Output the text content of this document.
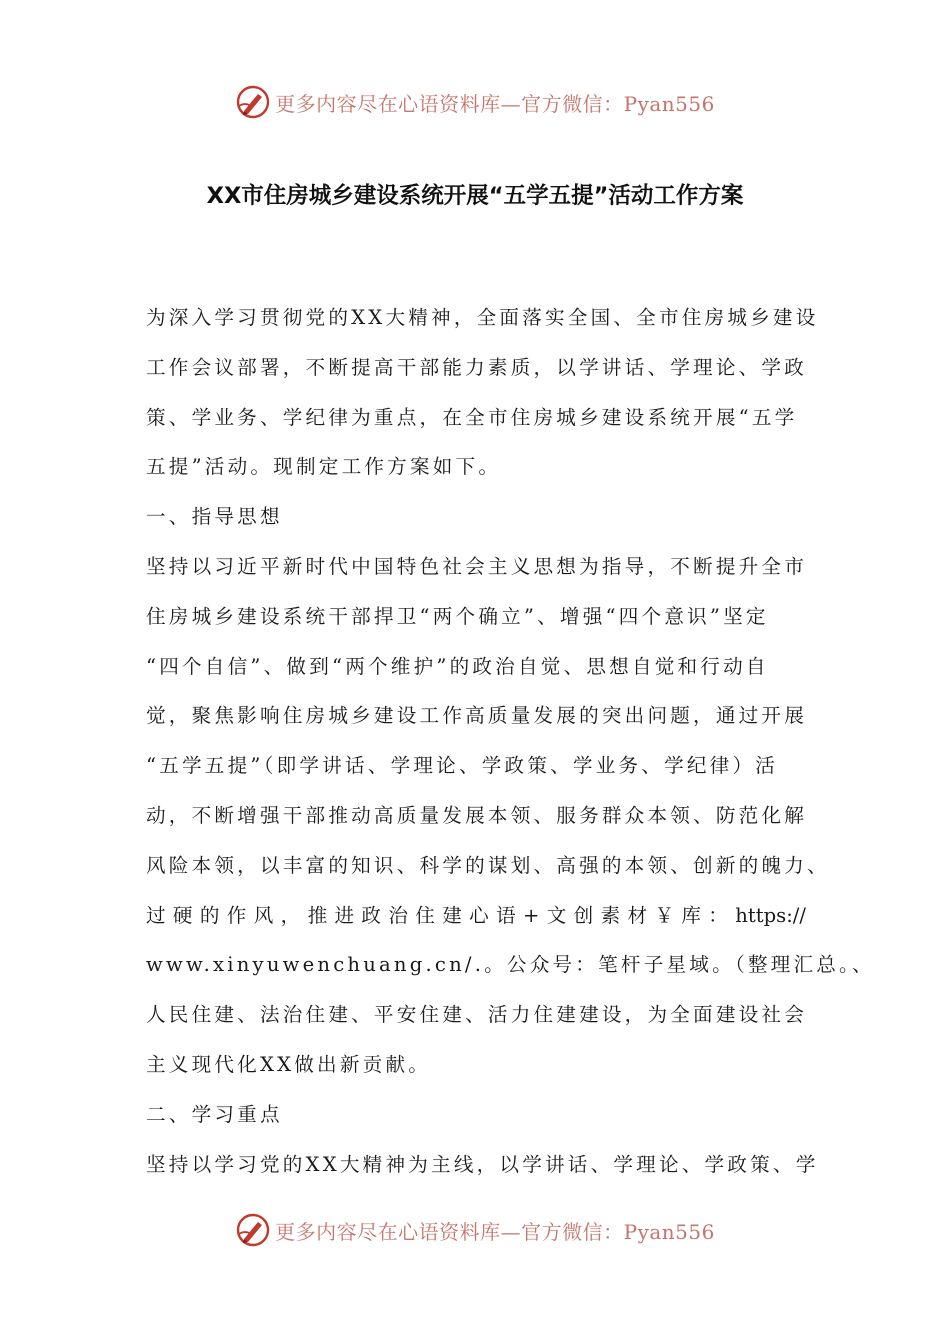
更多内容尽在心语资料库—官方微信：Pyan556
XX市住房城乡建设系统开展“五学五提”活动工作方案
为深入学习贯彻党的XX大精神，全面落实全国、全市住房城乡建设
工作会议部署，不断提高干部能力素质，以学讲话、学理论、学政
策、学业务、学纪律为重点，在全市住房城乡建设系统开展“五学
五提”活动。现制定工作方案如下。
一、指导思想
坚持以习近平新时代中国特色社会主义思想为指导，不断提升全市
住房城乡建设系统干部捍卫“两个确立”、增强“四个意识”坚定
“四个自信”、做到“两个维护”的政治自觉、思想自觉和行动自
觉，聚焦影响住房城乡建设工作高质量发展的突出问题，通过开展
“五学五提”（即学讲话、学理论、学政策、学业务、学纪律）活
动，不断增强干部推动高质量发展本领、服务群众本领、防范化解
风险本领，以丰富的知识、科学的谋划、高强的本领、创新的魄力、
过硬的作风，推进政治住建心语+文创素材￥库：https://
www.xinyuwenchuang.cn/.。公众号：笔杆子星域。（整理汇总。、
人民住建、法治住建、平安住建、活力住建建设，为全面建设社会
主义现代化XX做出新贡献。
二、学习重点
坚持以学习党的XX大精神为主线，以学讲话、学理论、学政策、学
更多内容尽在心语资料库—官方微信：Pyan556
